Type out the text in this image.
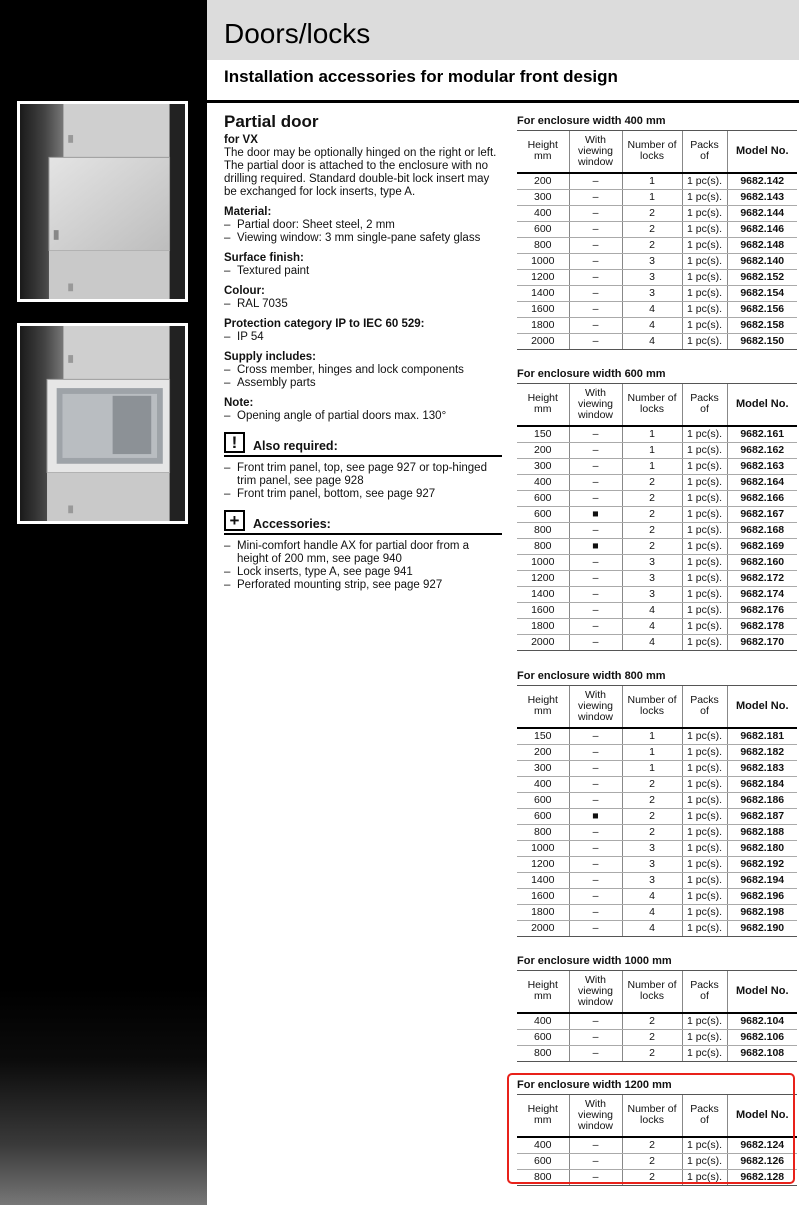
Doors/locks
Installation accessories for modular front design
Partial door
for VX

The door may be optionally hinged on the right or left. The partial door is attached to the enclosure with no drilling required. Standard double-bit lock insert may be exchanged for lock inserts, type A.

Material:
– Partial door: Sheet steel, 2 mm
– Viewing window: 3 mm single-pane safety glass
Surface finish:
– Textured paint
Colour:
– RAL 7035
Protection category IP to IEC 60 529:
– IP 54
Supply includes:
– Cross member, hinges and lock components
– Assembly parts
Note:
– Opening angle of partial doors max. 130°
!	Also required:
– Front trim panel, top, see page 927 or top-hinged trim panel, see page 928
– Front trim panel, bottom, see page 927
+	Accessories:
– Mini-comfort handle AX for partial door from a height of 200 mm, see page 940
– Lock inserts, type A, see page 941
– Perforated mounting strip, see page 927
For enclosure width 400 mm
Height
mm	With
viewing
window	Number of
locks	Packs
of	Model No.
200	–	1	1 pc(s).	9682.142
300	–	1	1 pc(s).	9682.143
400	–	2	1 pc(s).	9682.144
600	–	2	1 pc(s).	9682.146
800	–	2	1 pc(s).	9682.148
1000	–	3	1 pc(s).	9682.140
1200	–	3	1 pc(s).	9682.152
1400	–	3	1 pc(s).	9682.154
1600	–	4	1 pc(s).	9682.156
1800	–	4	1 pc(s).	9682.158
2000	–	4	1 pc(s).	9682.150
For enclosure width 600 mm
Height
mm	With
viewing
window	Number of
locks	Packs
of	Model No.
150	–	1	1 pc(s).	9682.161
200	–	1	1 pc(s).	9682.162
300	–	1	1 pc(s).	9682.163
400	–	2	1 pc(s).	9682.164
600	–	2	1 pc(s).	9682.166
600	■	2	1 pc(s).	9682.167
800	–	2	1 pc(s).	9682.168
800	■	2	1 pc(s).	9682.169
1000	–	3	1 pc(s).	9682.160
1200	–	3	1 pc(s).	9682.172
1400	–	3	1 pc(s).	9682.174
1600	–	4	1 pc(s).	9682.176
1800	–	4	1 pc(s).	9682.178
2000	–	4	1 pc(s).	9682.170
For enclosure width 800 mm
Height
mm	With
viewing
window	Number of
locks	Packs
of	Model No.
150	–	1	1 pc(s).	9682.181
200	–	1	1 pc(s).	9682.182
300	–	1	1 pc(s).	9682.183
400	–	2	1 pc(s).	9682.184
600	–	2	1 pc(s).	9682.186
600	■	2	1 pc(s).	9682.187
800	–	2	1 pc(s).	9682.188
1000	–	3	1 pc(s).	9682.180
1200	–	3	1 pc(s).	9682.192
1400	–	3	1 pc(s).	9682.194
1600	–	4	1 pc(s).	9682.196
1800	–	4	1 pc(s).	9682.198
2000	–	4	1 pc(s).	9682.190
For enclosure width 1000 mm
Height
mm	With
viewing
window	Number of
locks	Packs
of	Model No.
400	–	2	1 pc(s).	9682.104
600	–	2	1 pc(s).	9682.106
800	–	2	1 pc(s).	9682.108
For enclosure width 1200 mm
Height
mm	With
viewing
window	Number of
locks	Packs
of	Model No.
400	–	2	1 pc(s).	9682.124
600	–	2	1 pc(s).	9682.126
800	–	2	1 pc(s).	9682.128
